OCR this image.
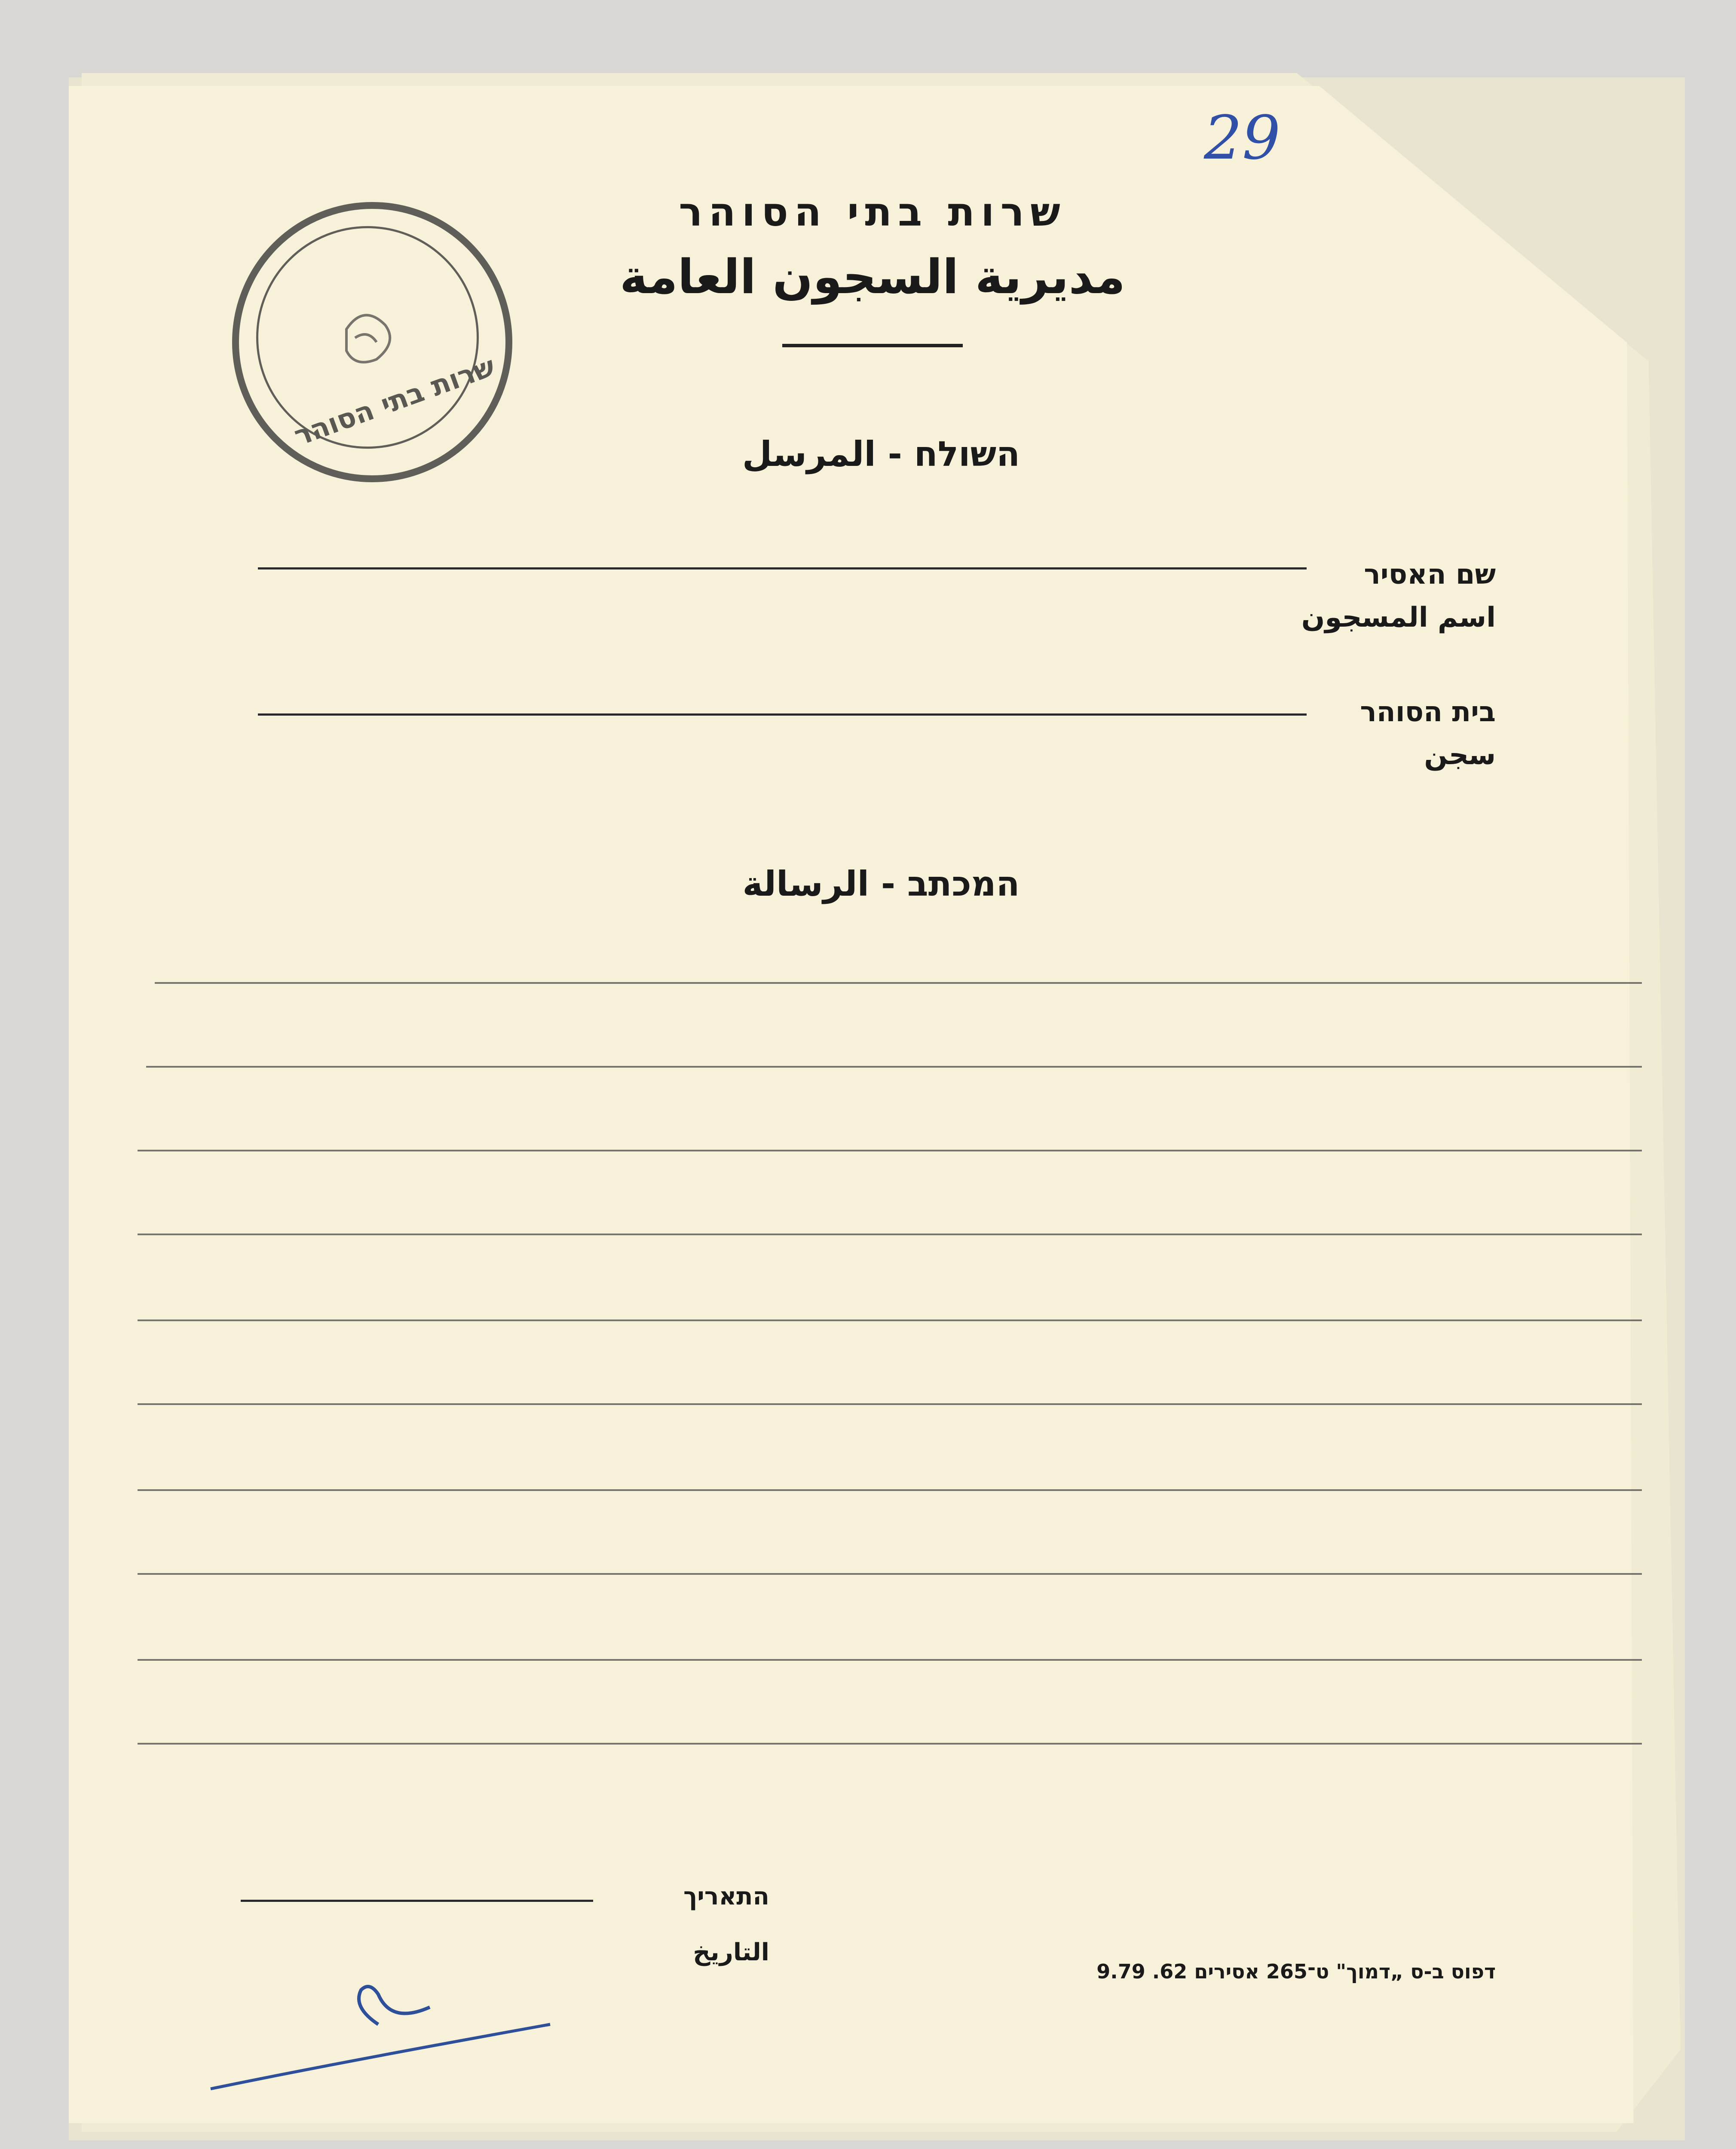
29
שרות בתי הסוהר
שרות בתי הסוהר
مديرية السجون العامة
השולח - المرسل
שם האסיר
اسم المسجون
בית הסוהר
سجن
המכתב - الرسالة
התאריך
التاريخ
דפוס ב-ס „דמוך" ט־265 אסירים 62. 9.79
